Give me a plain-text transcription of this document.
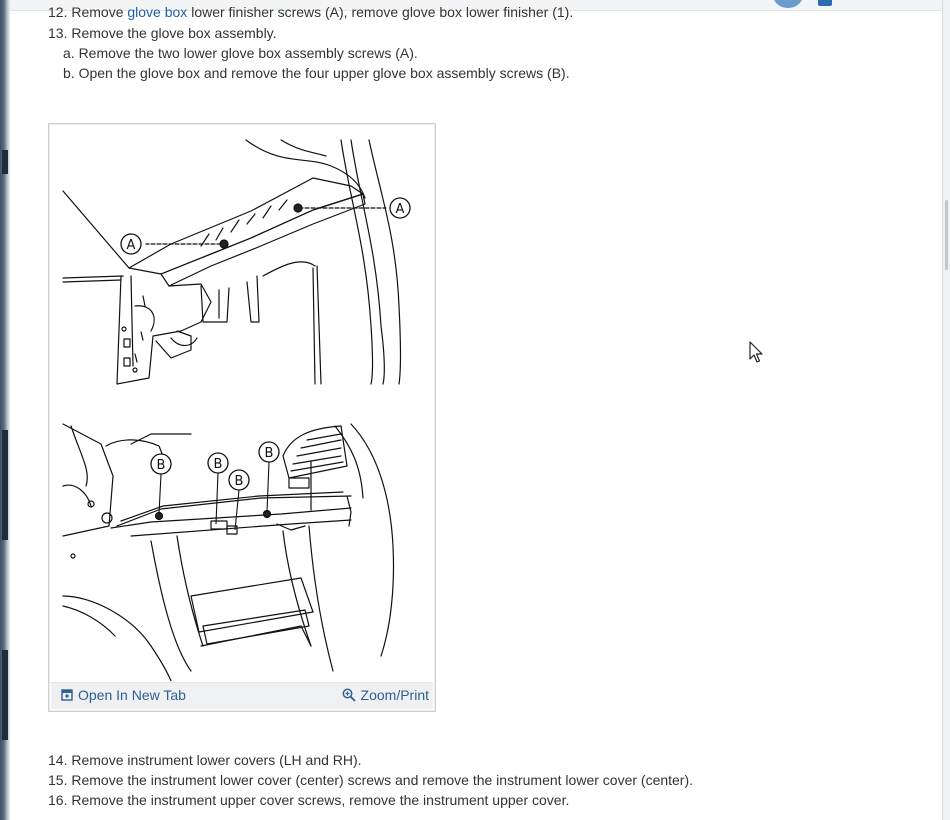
12. Remove glove box lower finisher screws (A), remove glove box lower finisher (1).
13. Remove the glove box assembly.
a. Remove the two lower glove box assembly screws (A).
b. Open the glove box and remove the four upper glove box assembly screws (B).
A
A
B	B
B
B
Open In New Tab	Zoom/Print
14. Remove instrument lower covers (LH and RH).
15. Remove the instrument lower cover (center) screws and remove the instrument lower cover (center).
16. Remove the instrument upper cover screws, remove the instrument upper cover.
